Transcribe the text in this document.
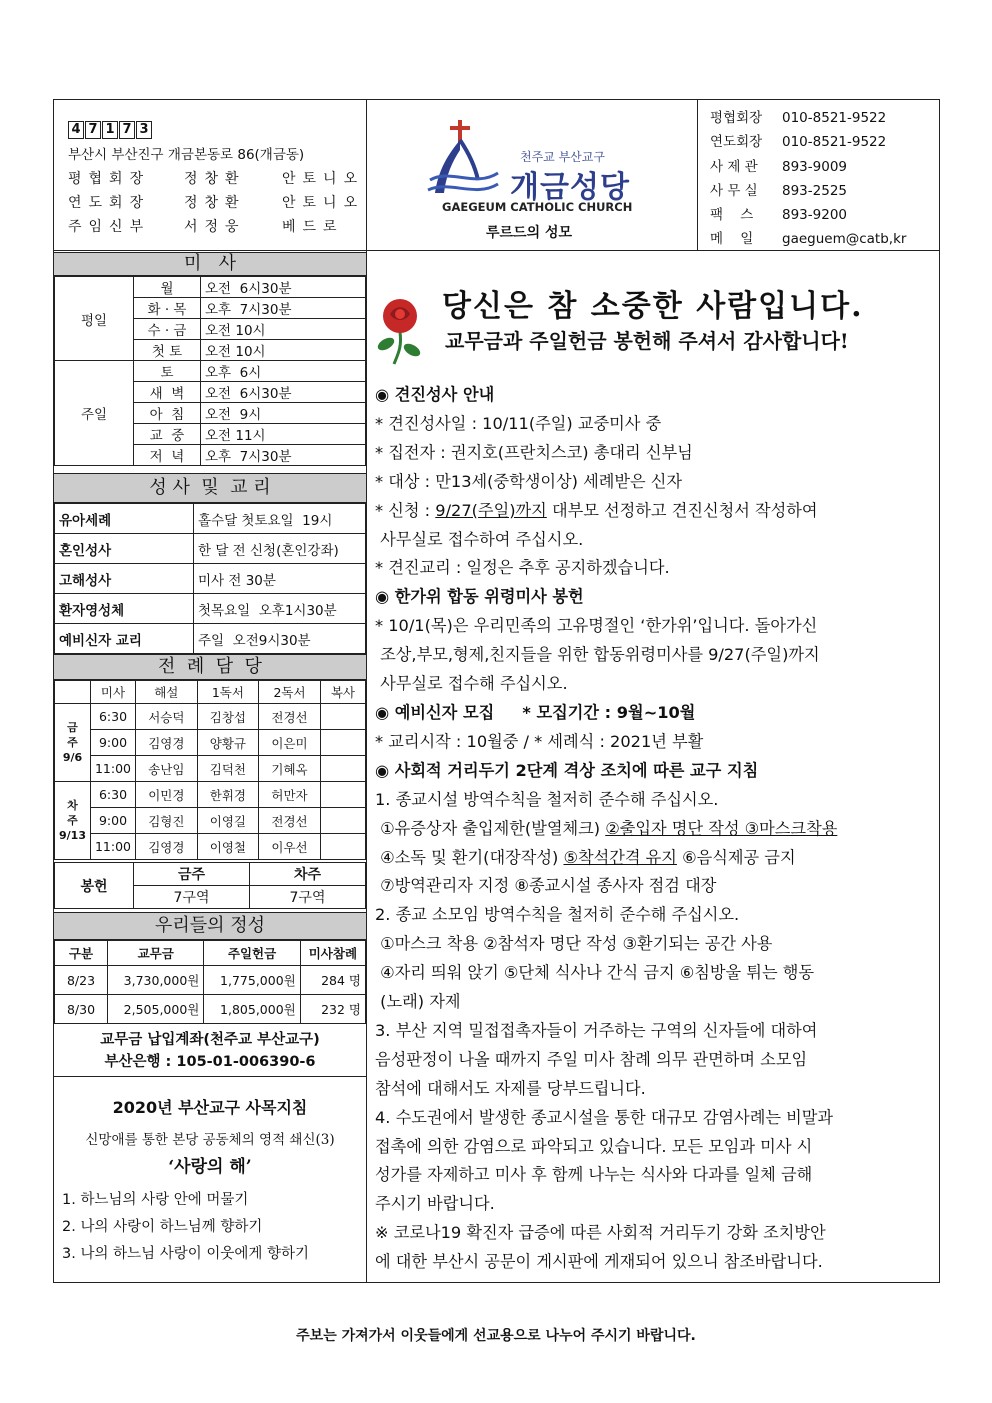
4 7 1 7 3
부산시 부산진구 개금본동로 86(개금동)
평협회장	정창환	안토니오
연도회장	정창환	안토니오
주임신부	서정웅	베드로
천주교 부산교구
개금성당
GAEGEUM CATHOLIC CHURCH
루르드의 성모
평협회장	010-8521-9522
연도회장	010-8521-9522
사 제 관	893-9009
사 무 실	893-2525
팩    스	893-9200
메    일	gaeguem@catb,kr
미   사
평일	월	오전  6시30분
	화 · 목	오후  7시30분
	수 · 금	오전 10시
	첫 토	오전 10시
주일	토	오후  6시
	새  벽	오전  6시30분
	아  침	오전  9시
	교  중	오전 11시
	저  녁	오후  7시30분
성 사  및  교 리
유아세례	홀수달 첫토요일  19시
혼인성사	한 달 전 신청(혼인강좌)
고해성사	미사 전 30분
환자영성체	첫목요일  오후1시30분
예비신자 교리	주일  오전9시30분
전  례  담  당
	미사	해설	1독서	2독서	복사
금
주
9/6	6:30	서승덕	김창섭	전경선	
	9:00	김영경	양황규	이은미	
	11:00	송난임	김덕천	기혜옥	
차
주
9/13	6:30	이민경	한휘경	허만자	
	9:00	김형진	이영길	전경선	
	11:00	김영경	이영철	이우선	
봉헌	금주	차주
	7구역	7구역
우리들의 정성
구분	교무금	주일헌금	미사참례
8/23	3,730,000원	1,775,000원	284 명
8/30	2,505,000원	1,805,000원	232 명
교무금 납입계좌(천주교 부산교구)
부산은행 : 105-01-006390-6
2020년 부산교구 사목지침
신망애를 통한 본당 공동체의 영적 쇄신(3)
‘사랑의 해’
1. 하느님의 사랑 안에 머물기
2. 나의 사랑이 하느님께 향하기
3. 나의 하느님 사랑이 이웃에게 향하기
당신은 참 소중한 사람입니다.
교무금과 주일헌금 봉헌해 주셔서 감사합니다!

◉ 견진성사 안내

* 견진성사일 : 10/11(주일) 교중미사 중

* 집전자 : 권지호(프란치스코) 총대리 신부님

* 대상 : 만13세(중학생이상) 세례받은 신자

* 신청 : 9/27(주일)까지 대부모 선정하고 견진신청서 작성하여

사무실로 접수하여 주십시오.

* 견진교리 : 일정은 추후 공지하겠습니다.

◉ 한가위 합동 위령미사 봉헌

* 10/1(목)은 우리민족의 고유명절인 ‘한가위’입니다. 돌아가신

조상,부모,형제,친지들을 위한 합동위령미사를 9/27(주일)까지

사무실로 접수해 주십시오.

◉ 예비신자 모집     * 모집기간 : 9월~10월

* 교리시작 : 10월중 / * 세례식 : 2021년 부활

◉ 사회적 거리두기 2단계 격상 조치에 따른 교구 지침

1. 종교시설 방역수칙을 철저히 준수해 주십시오.

①유증상자 출입제한(발열체크) ②출입자 명단 작성 ③마스크착용

④소독 및 환기(대장작성) ⑤착석간격 유지 ⑥음식제공 금지

⑦방역관리자 지정 ⑧종교시설 종사자 점검 대장

2. 종교 소모임 방역수칙을 철저히 준수해 주십시오.

①마스크 착용 ②참석자 명단 작성 ③환기되는 공간 사용

④자리 띄워 앉기 ⑤단체 식사나 간식 금지 ⑥침방울 튀는 행동

(노래) 자제

3. 부산 지역 밀접접촉자들이 거주하는 구역의 신자들에 대하여

음성판정이 나올 때까지 주일 미사 참례 의무 관면하며 소모임

참석에 대해서도 자제를 당부드립니다.

4. 수도권에서 발생한 종교시설을 통한 대규모 감염사례는 비말과

접촉에 의한 감염으로 파악되고 있습니다. 모든 모임과 미사 시

성가를 자제하고 미사 후 함께 나누는 식사와 다과를 일체 금해

주시기 바랍니다.

※ 코로나19 확진자 급증에 따른 사회적 거리두기 강화 조치방안

에 대한 부산시 공문이 게시판에 게재되어 있으니 참조바랍니다.

주보는 가져가서 이웃들에게 선교용으로 나누어 주시기 바랍니다.
